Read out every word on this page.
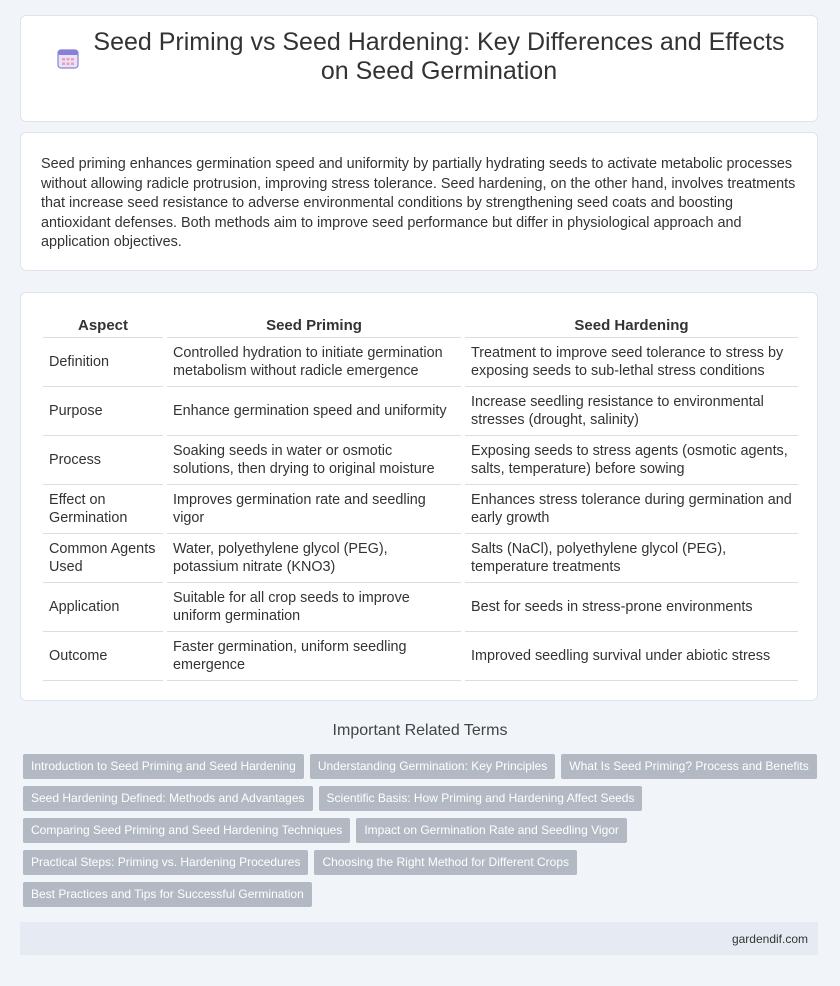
Seed Priming vs Seed Hardening: Key Differences and Effects on Seed Germination

Seed priming enhances germination speed and uniformity by partially hydrating seeds to activate metabolic processes without allowing radicle protrusion, improving stress tolerance. Seed hardening, on the other hand, involves treatments that increase seed resistance to adverse environmental conditions by strengthening seed coats and boosting antioxidant defenses. Both methods aim to improve seed performance but differ in physiological approach and application objectives.

Aspect		Seed Priming		Seed Hardening
Definition		Controlled hydration to initiate germination metabolism without radicle emergence		Treatment to improve seed tolerance to stress by exposing seeds to sub-lethal stress conditions
Purpose		Enhance germination speed and uniformity		Increase seedling resistance to environmental stresses (drought, salinity)
Process		Soaking seeds in water or osmotic solutions, then drying to original moisture		Exposing seeds to stress agents (osmotic agents, salts, temperature) before sowing
Effect on Germination		Improves germination rate and seedling vigor		Enhances stress tolerance during germination and early growth
Common Agents Used		Water, polyethylene glycol (PEG), potassium nitrate (KNO3)		Salts (NaCl), polyethylene glycol (PEG), temperature treatments
Application		Suitable for all crop seeds to improve uniform germination		Best for seeds in stress-prone environments
Outcome		Faster germination, uniform seedling emergence		Improved seedling survival under abiotic stress
Important Related Terms
Introduction to Seed Priming and Seed Hardening Understanding Germination: Key Principles What Is Seed Priming? Process and BenefitsSeed Hardening Defined: Methods and Advantages Scientific Basis: How Priming and Hardening Affect SeedsComparing Seed Priming and Seed Hardening Techniques Impact on Germination Rate and Seedling VigorPractical Steps: Priming vs. Hardening Procedures Choosing the Right Method for Different CropsBest Practices and Tips for Successful Germination
gardendif.com
